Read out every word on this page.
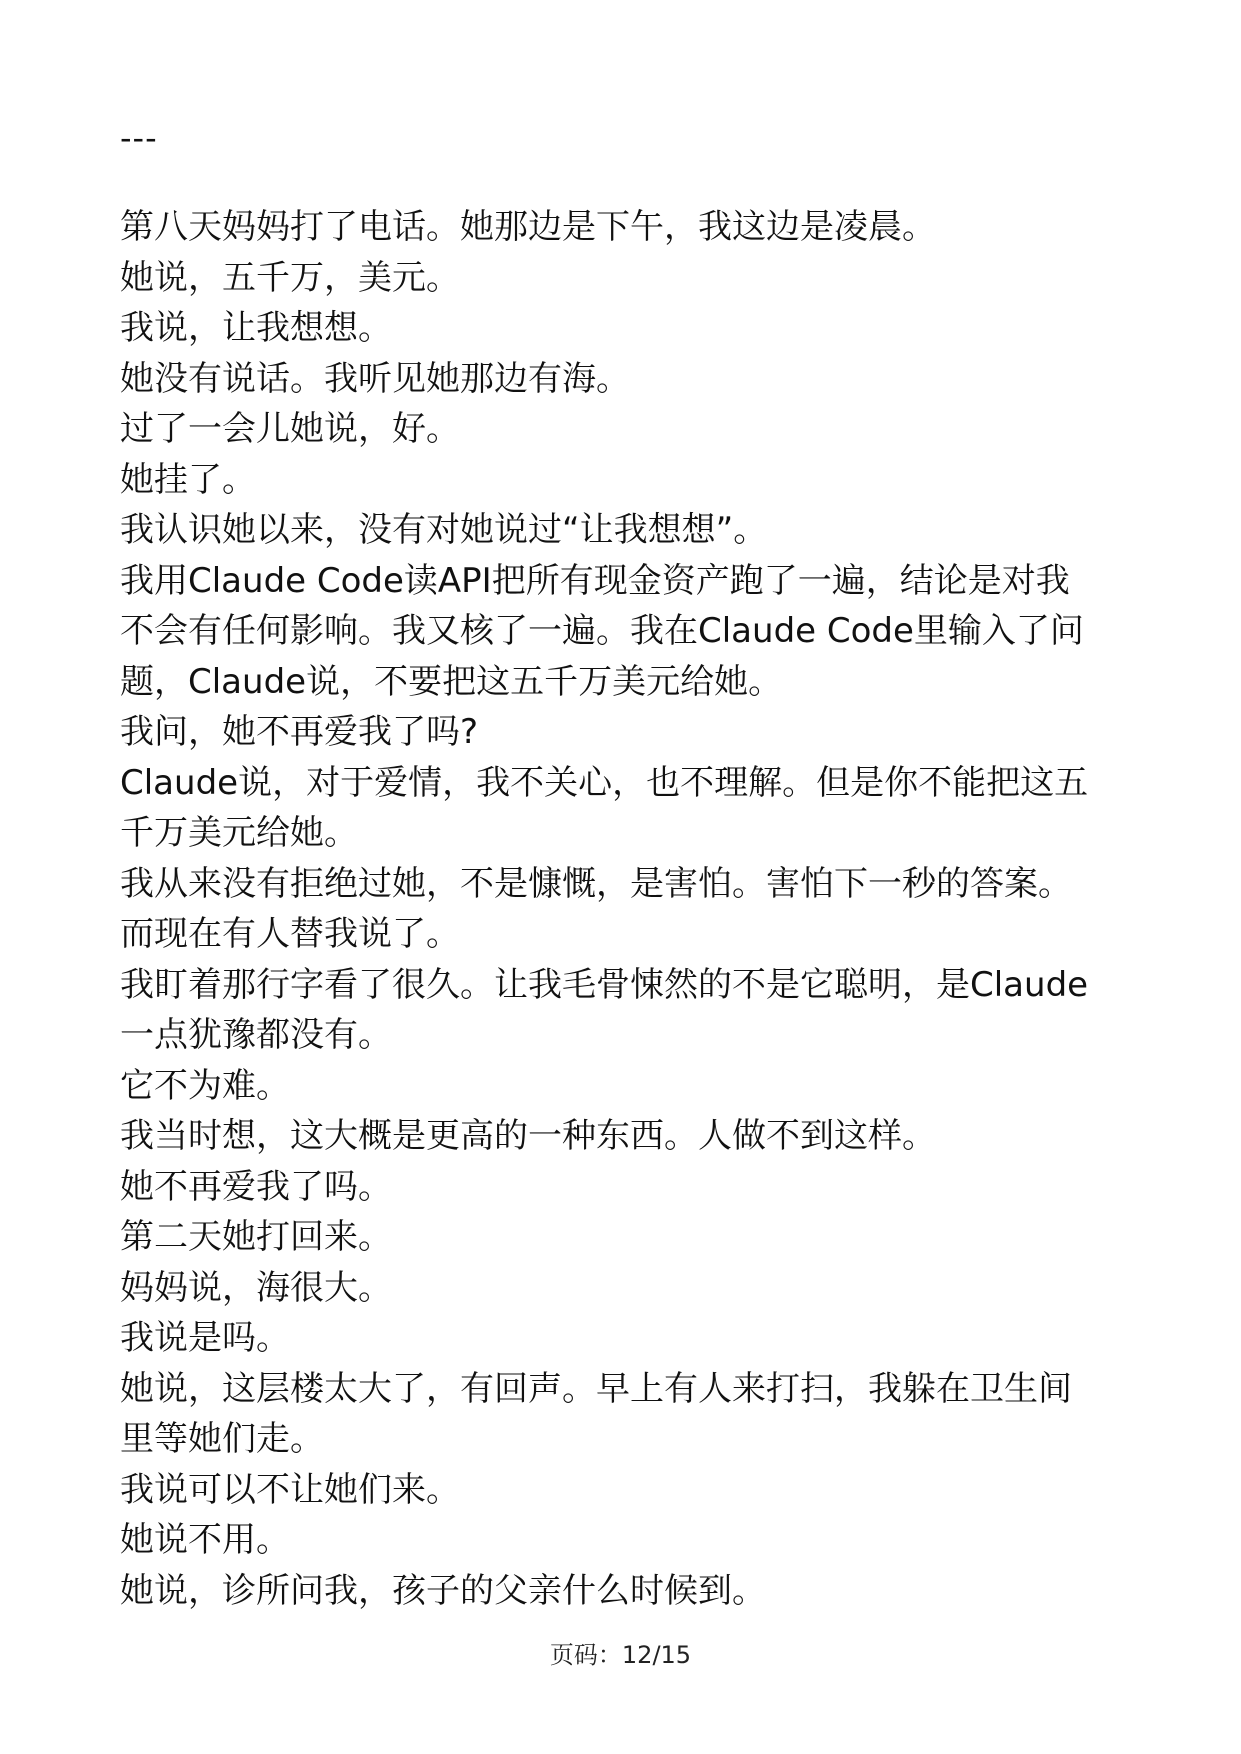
---
第八天妈妈打了电话。她那边是下午，我这边是凌晨。
她说，五千万，美元。
我说，让我想想。
她没有说话。我听见她那边有海。
过了一会儿她说，好。
她挂了。
我认识她以来，没有对她说过“让我想想”。
我用Claude Code读API把所有现金资产跑了一遍，结论是对我
不会有任何影响。我又核了一遍。我在Claude Code里输入了问
题，Claude说，不要把这五千万美元给她。
我问，她不再爱我了吗?
Claude说，对于爱情，我不关心，也不理解。但是你不能把这五
千万美元给她。
我从来没有拒绝过她，不是慷慨，是害怕。害怕下一秒的答案。
而现在有人替我说了。
我盯着那行字看了很久。让我毛骨悚然的不是它聪明，是Claude
一点犹豫都没有。
它不为难。
我当时想，这大概是更高的一种东西。人做不到这样。
她不再爱我了吗。
第二天她打回来。
妈妈说，海很大。
我说是吗。
她说，这层楼太大了，有回声。早上有人来打扫，我躲在卫生间
里等她们走。
我说可以不让她们来。
她说不用。
她说，诊所问我，孩子的父亲什么时候到。
页码：12/15
